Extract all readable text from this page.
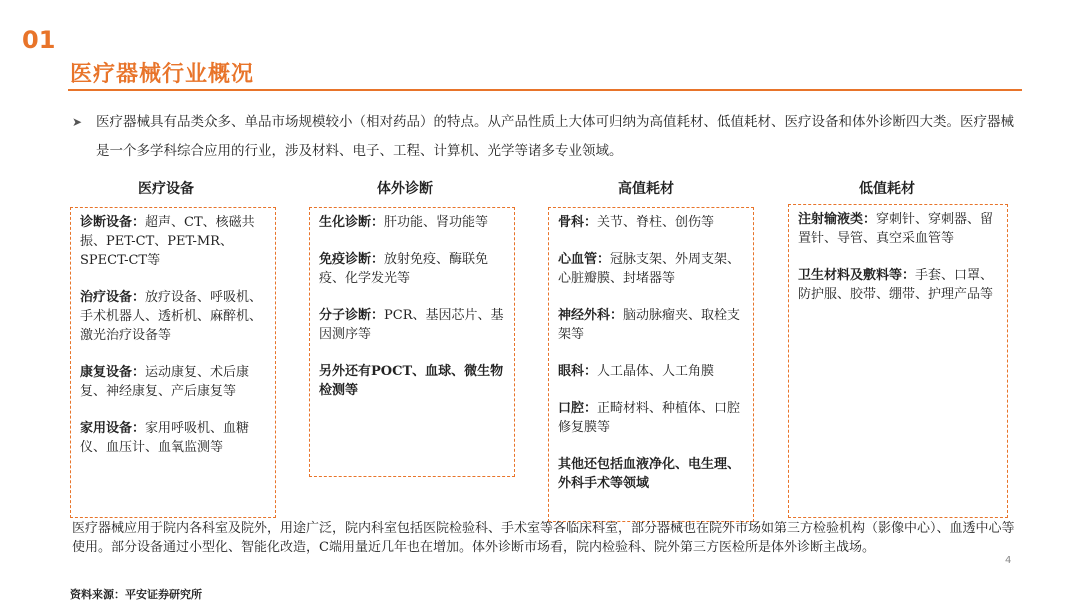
01
医疗器械行业概况
➤	医疗器械具有品类众多、单品市场规模较小（相对药品）的特点。从产品性质上大体可归纳为高值耗材、低值耗材、医疗设备和体外诊断四大类。医疗器械是一个多学科综合应用的行业，涉及材料、电子、工程、计算机、光学等诸多专业领域。
医疗设备	体外诊断	高值耗材	低值耗材
诊断设备：超声、CT、核磁共振、PET-CT、PET-MR、SPECT-CT等
治疗设备：放疗设备、呼吸机、手术机器人、透析机、麻醉机、激光治疗设备等
康复设备：运动康复、术后康复、神经康复、产后康复等
家用设备：家用呼吸机、血糖仪、血压计、血氧监测等
生化诊断：肝功能、肾功能等
免疫诊断：放射免疫、酶联免疫、化学发光等
分子诊断：PCR、基因芯片、基因测序等
另外还有POCT、血球、微生物检测等
骨科：关节、脊柱、创伤等
心血管：冠脉支架、外周支架、心脏瓣膜、封堵器等
神经外科：脑动脉瘤夹、取栓支架等
眼科：人工晶体、人工角膜
口腔：正畸材料、种植体、口腔修复膜等
其他还包括血液净化、电生理、外科手术等领域
注射输液类：穿刺针、穿刺器、留置针、导管、真空采血管等
卫生材料及敷料等：手套、口罩、防护服、胶带、绷带、护理产品等
医疗器械应用于院内各科室及院外，用途广泛，院内科室包括医院检验科、手术室等各临床科室，部分器械也在院外市场如第三方检验机构（影像中心）、血透中心等使用。部分设备通过小型化、智能化改造，C端用量近几年也在增加。体外诊断市场看，院内检验科、院外第三方医检所是体外诊断主战场。
4
资料来源：平安证券研究所
